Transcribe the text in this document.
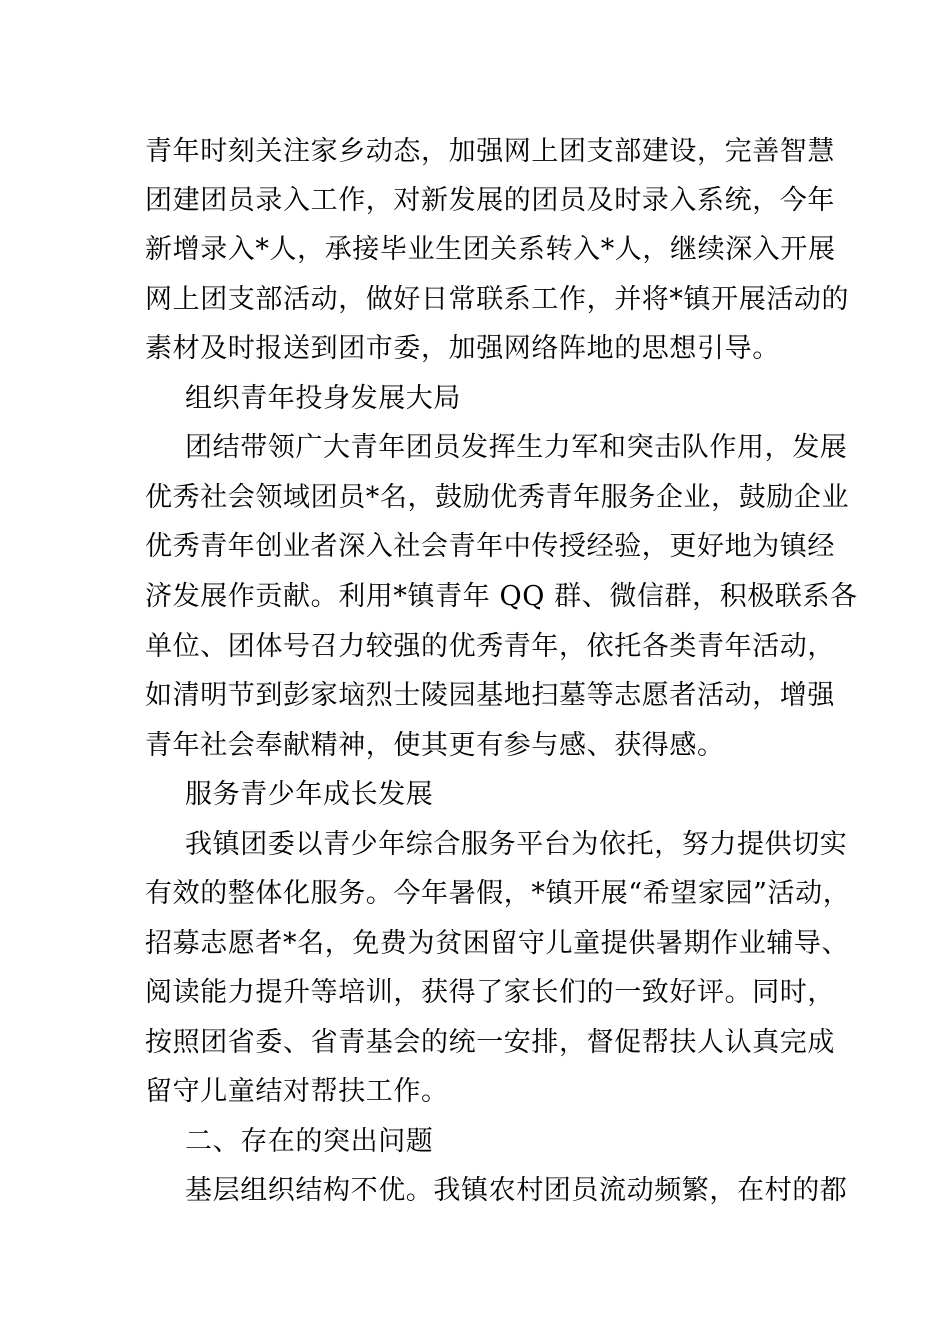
青年时刻关注家乡动态，加强网上团支部建设，完善智慧
团建团员录入工作，对新发展的团员及时录入系统，今年
新增录入*人，承接毕业生团关系转入*人，继续深入开展
网上团支部活动，做好日常联系工作，并将*镇开展活动的
素材及时报送到团市委，加强网络阵地的思想引导。
组织青年投身发展大局
团结带领广大青年团员发挥生力军和突击队作用，发展
优秀社会领域团员*名，鼓励优秀青年服务企业，鼓励企业
优秀青年创业者深入社会青年中传授经验，更好地为镇经
济发展作贡献。利用*镇青年 QQ 群、微信群，积极联系各
单位、团体号召力较强的优秀青年，依托各类青年活动，
如清明节到彭家垴烈士陵园基地扫墓等志愿者活动，增强
青年社会奉献精神，使其更有参与感、获得感。
服务青少年成长发展
我镇团委以青少年综合服务平台为依托，努力提供切实
有效的整体化服务。今年暑假，*镇开展“希望家园”活动，
招募志愿者*名，免费为贫困留守儿童提供暑期作业辅导、
阅读能力提升等培训，获得了家长们的一致好评。同时，
按照团省委、省青基会的统一安排，督促帮扶人认真完成
留守儿童结对帮扶工作。
二、存在的突出问题
基层组织结构不优。我镇农村团员流动频繁，在村的都
